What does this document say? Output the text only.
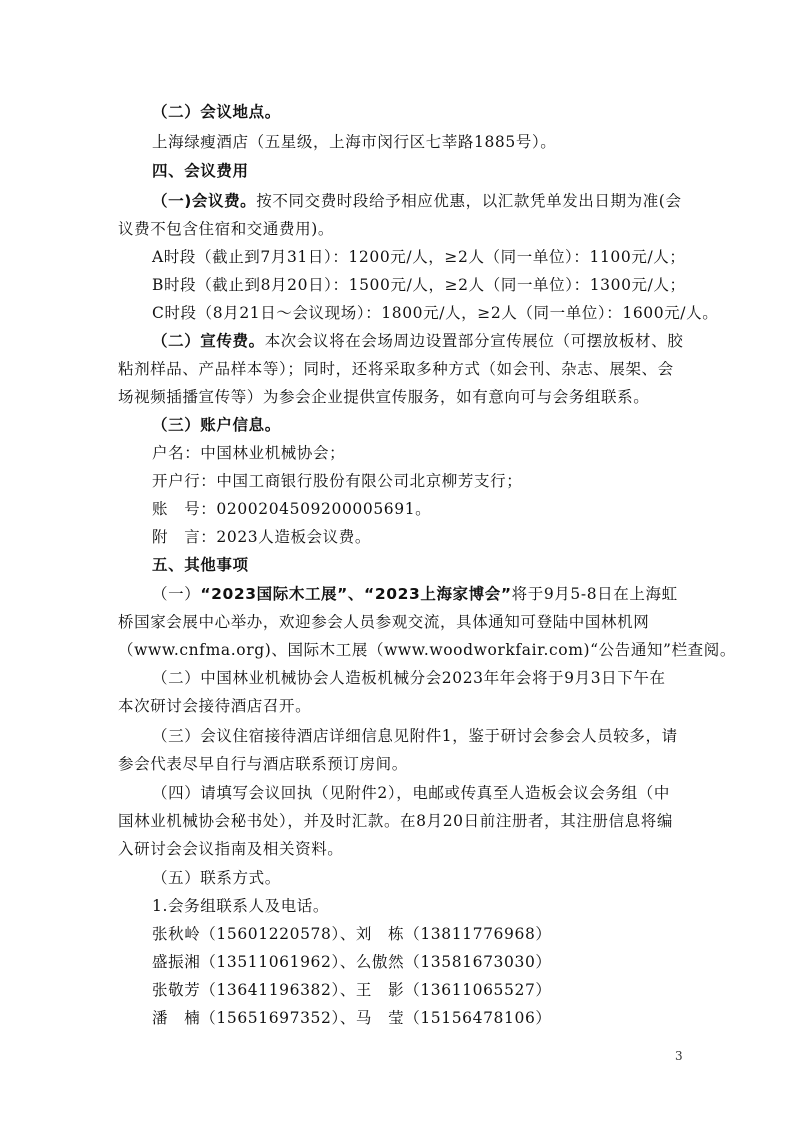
（二）会议地点。
上海绿瘦酒店（五星级，上海市闵行区七莘路1885号）。
四、会议费用
（一)会议费。按不同交费时段给予相应优惠，以汇款凭单发出日期为准(会
议费不包含住宿和交通费用)。
A时段（截止到7月31日）：1200元/人，≥2人（同一单位）：1100元/人；
B时段（截止到8月20日）：1500元/人，≥2人（同一单位）：1300元/人；
C时段（8月21日～会议现场）：1800元/人，≥2人（同一单位）：1600元/人。
（二）宣传费。本次会议将在会场周边设置部分宣传展位（可摆放板材、胶
粘剂样品、产品样本等）；同时，还将采取多种方式（如会刊、杂志、展架、会
场视频插播宣传等）为参会企业提供宣传服务，如有意向可与会务组联系。
（三）账户信息。
户名：中国林业机械协会；
开户行：中国工商银行股份有限公司北京柳芳支行；
账　号：0200204509200005691。
附　言：2023人造板会议费。
五、其他事项
（一）“2023国际木工展”、“2023上海家博会”将于9月5-8日在上海虹
桥国家会展中心举办，欢迎参会人员参观交流，具体通知可登陆中国林机网
（www.cnfma.org)、国际木工展（www.woodworkfair.com)“公告通知”栏查阅。
（二）中国林业机械协会人造板机械分会2023年年会将于9月3日下午在
本次研讨会接待酒店召开。
（三）会议住宿接待酒店详细信息见附件1，鉴于研讨会参会人员较多，请
参会代表尽早自行与酒店联系预订房间。
（四）请填写会议回执（见附件2），电邮或传真至人造板会议会务组（中
国林业机械协会秘书处），并及时汇款。在8月20日前注册者，其注册信息将编
入研讨会会议指南及相关资料。
（五）联系方式。
1.会务组联系人及电话。
张秋岭（15601220578）、刘　栋（13811776968）
盛振湘（13511061962）、么傲然（13581673030）
张敬芳（13641196382）、王　影（13611065527）
潘　楠（15651697352）、马　莹（15156478106）
3
